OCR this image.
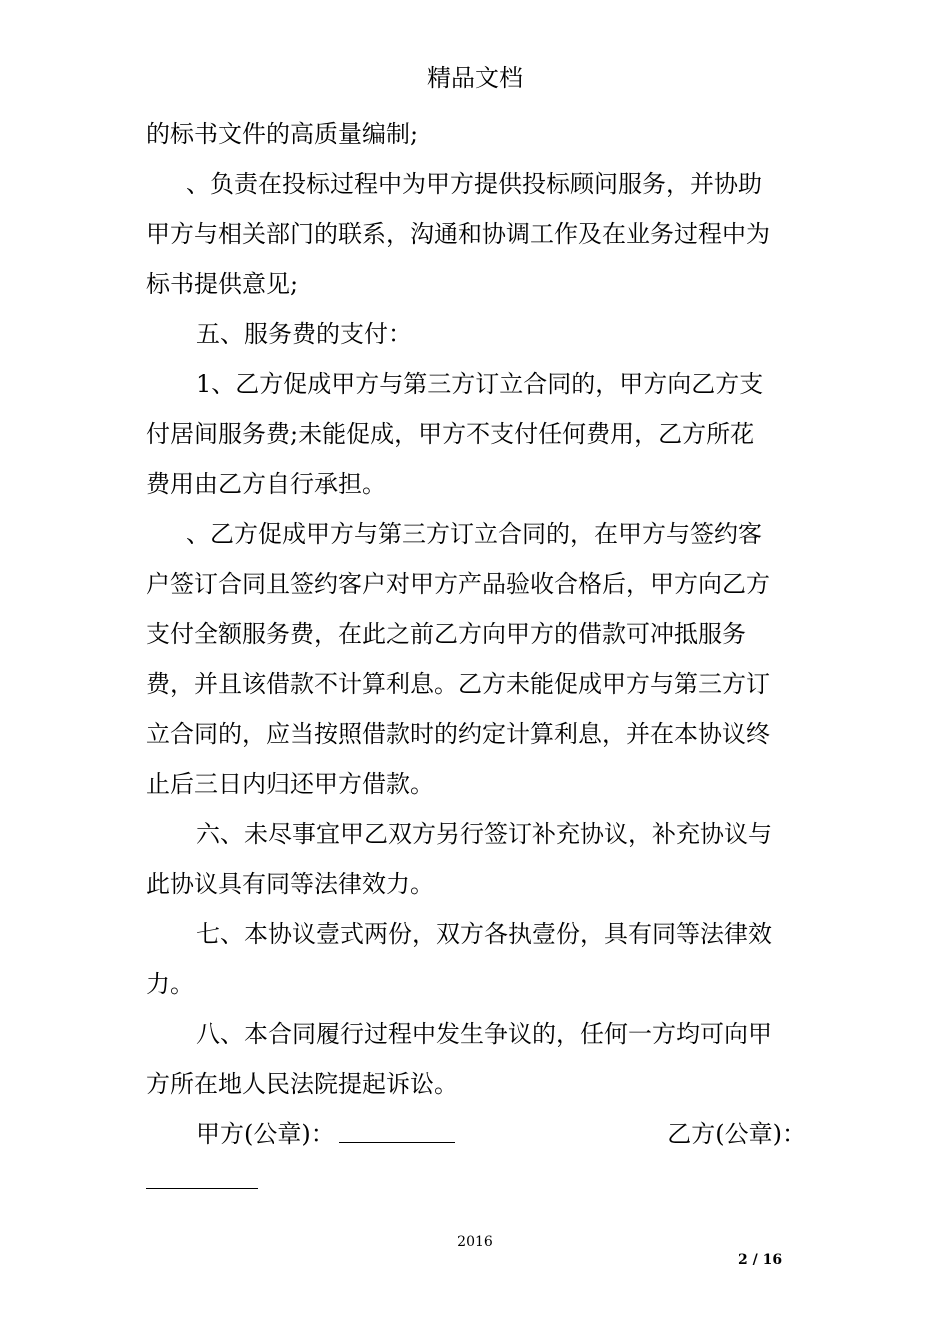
精品文档
的标书文件的高质量编制;
、负责在投标过程中为甲方提供投标顾问服务，并协助
甲方与相关部门的联系，沟通和协调工作及在业务过程中为
标书提供意见;
五、服务费的支付：
1、乙方促成甲方与第三方订立合同的，甲方向乙方支
付居间服务费;未能促成，甲方不支付任何费用，乙方所花
费用由乙方自行承担。
、乙方促成甲方与第三方订立合同的，在甲方与签约客
户签订合同且签约客户对甲方产品验收合格后，甲方向乙方
支付全额服务费，在此之前乙方向甲方的借款可冲抵服务
费，并且该借款不计算利息。乙方未能促成甲方与第三方订
立合同的，应当按照借款时的约定计算利息，并在本协议终
止后三日内归还甲方借款。
六、未尽事宜甲乙双方另行签订补充协议，补充协议与
此协议具有同等法律效力。
七、本协议壹式两份，双方各执壹份，具有同等法律效
力。
八、本合同履行过程中发生争议的，任何一方均可向甲
方所在地人民法院提起诉讼。
甲方(公章)：	乙方(公章)：
2016
2 / 16
